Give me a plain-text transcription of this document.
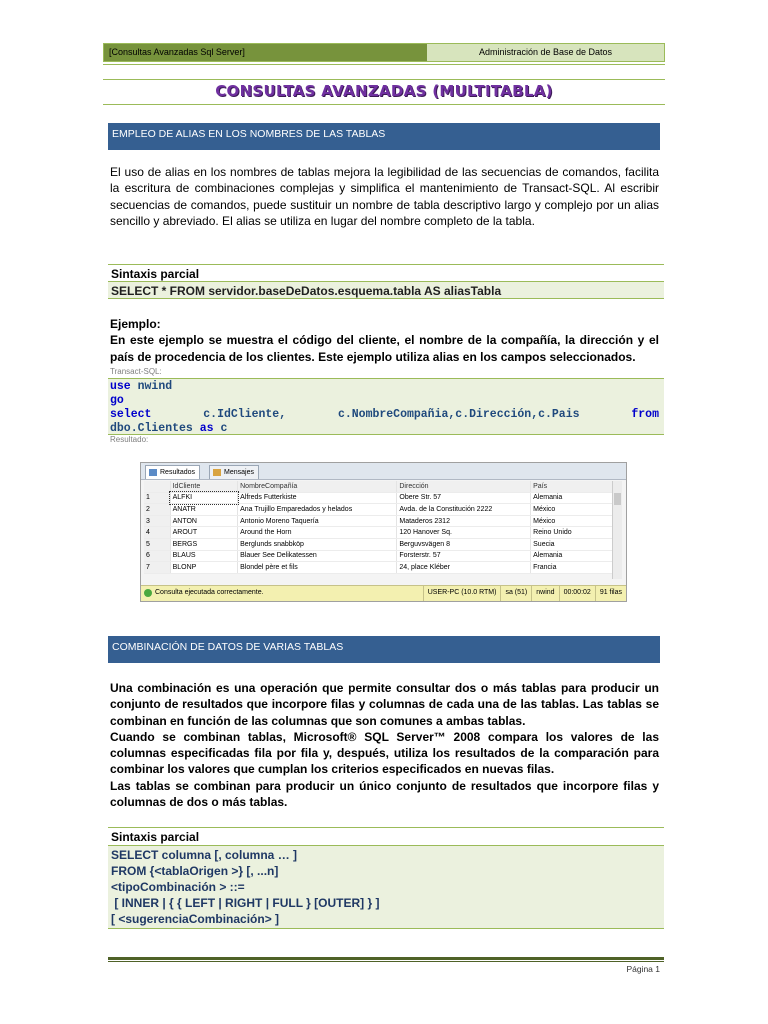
[Consultas Avanzadas Sql Server]	Administración de Base de Datos
CONSULTAS AVANZADAS (MULTITABLA)
EMPLEO DE ALIAS EN LOS NOMBRES DE LAS TABLAS

El uso de alias en los nombres de tablas mejora la legibilidad de las secuencias de comandos, facilita la escritura de combinaciones complejas y simplifica el mantenimiento de Transact-SQL. Al escribir secuencias de comandos, puede sustituir un nombre de tabla descriptivo largo y complejo por un alias sencillo y abreviado. El alias se utiliza en lugar del nombre completo de la tabla.

Sintaxis parcial
SELECT * FROM servidor.baseDeDatos.esquema.tabla AS aliasTabla

Ejemplo:

En este ejemplo se muestra el código del cliente, el nombre de la compañía, la dirección y el país de procedencia de los clientes. Este ejemplo utiliza alias en los campos seleccionados.

Transact-SQL:
use nwind
go
select	c.IdCliente,	c.NombreCompañia,c.Dirección,c.Pais	from
dbo.Clientes as c
Resultado:
Resultados	Mensajes
	IdCliente	NombreCompañía	Dirección	País
1	ALFKI	Alfreds Futterkiste	Obere Str. 57	Alemania
2	ANATR	Ana Trujillo Emparedados y helados	Avda. de la Constitución 2222	México
3	ANTON	Antonio Moreno Taquería	Mataderos 2312	México
4	AROUT	Around the Horn	120 Hanover Sq.	Reino Unido
5	BERGS	Berglunds snabbköp	Berguvsvägen 8	Suecia
6	BLAUS	Blauer See Delikatessen	Forsterstr. 57	Alemania
7	BLONP	Blondel père et fils	24, place Kléber	Francia
Consulta ejecutada correctamente.	USER-PC (10.0 RTM)	sa (51)	nwind	00:00:02	91 filas
COMBINACIÓN DE DATOS DE VARIAS TABLAS

Una combinación es una operación que permite consultar dos o más tablas para producir un conjunto de resultados que incorpore filas y columnas de cada una de las tablas. Las tablas se combinan en función de las columnas que son comunes a ambas tablas.

Cuando se combinan tablas, Microsoft® SQL Server™ 2008 compara los valores de las columnas especificadas fila por fila y, después, utiliza los resultados de la comparación para combinar los valores que cumplan los criterios especificados en nuevas filas.

Las tablas se combinan para producir un único conjunto de resultados que incorpore filas y columnas de dos o más tablas.

Sintaxis parcial
SELECT columna [, columna … ]
FROM {<tablaOrigen >} [, ...n]
<tipoCombinación > ::=
[ INNER | { { LEFT | RIGHT | FULL } [OUTER] } ]
[ <sugerenciaCombinación> ]
Página 1
